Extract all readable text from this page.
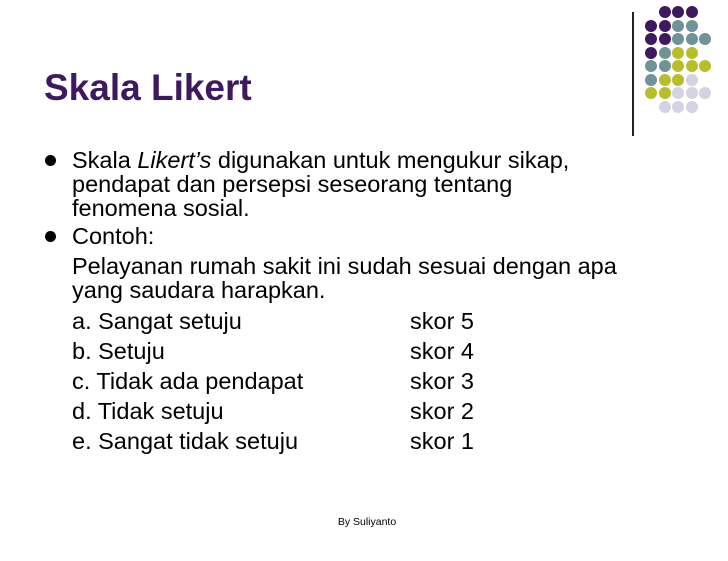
Skala Likert
Skala Likert’s digunakan untuk mengukur sikap,
pendapat dan persepsi seseorang tentang
fenomena sosial.
Contoh:
Pelayanan rumah sakit ini sudah sesuai dengan apa
yang saudara harapkan.
a. Sangat setuju	skor 5
b. Setuju	skor 4
c. Tidak ada pendapat	skor 3
d. Tidak setuju	skor 2
e. Sangat tidak setuju	skor 1
By Suliyanto
